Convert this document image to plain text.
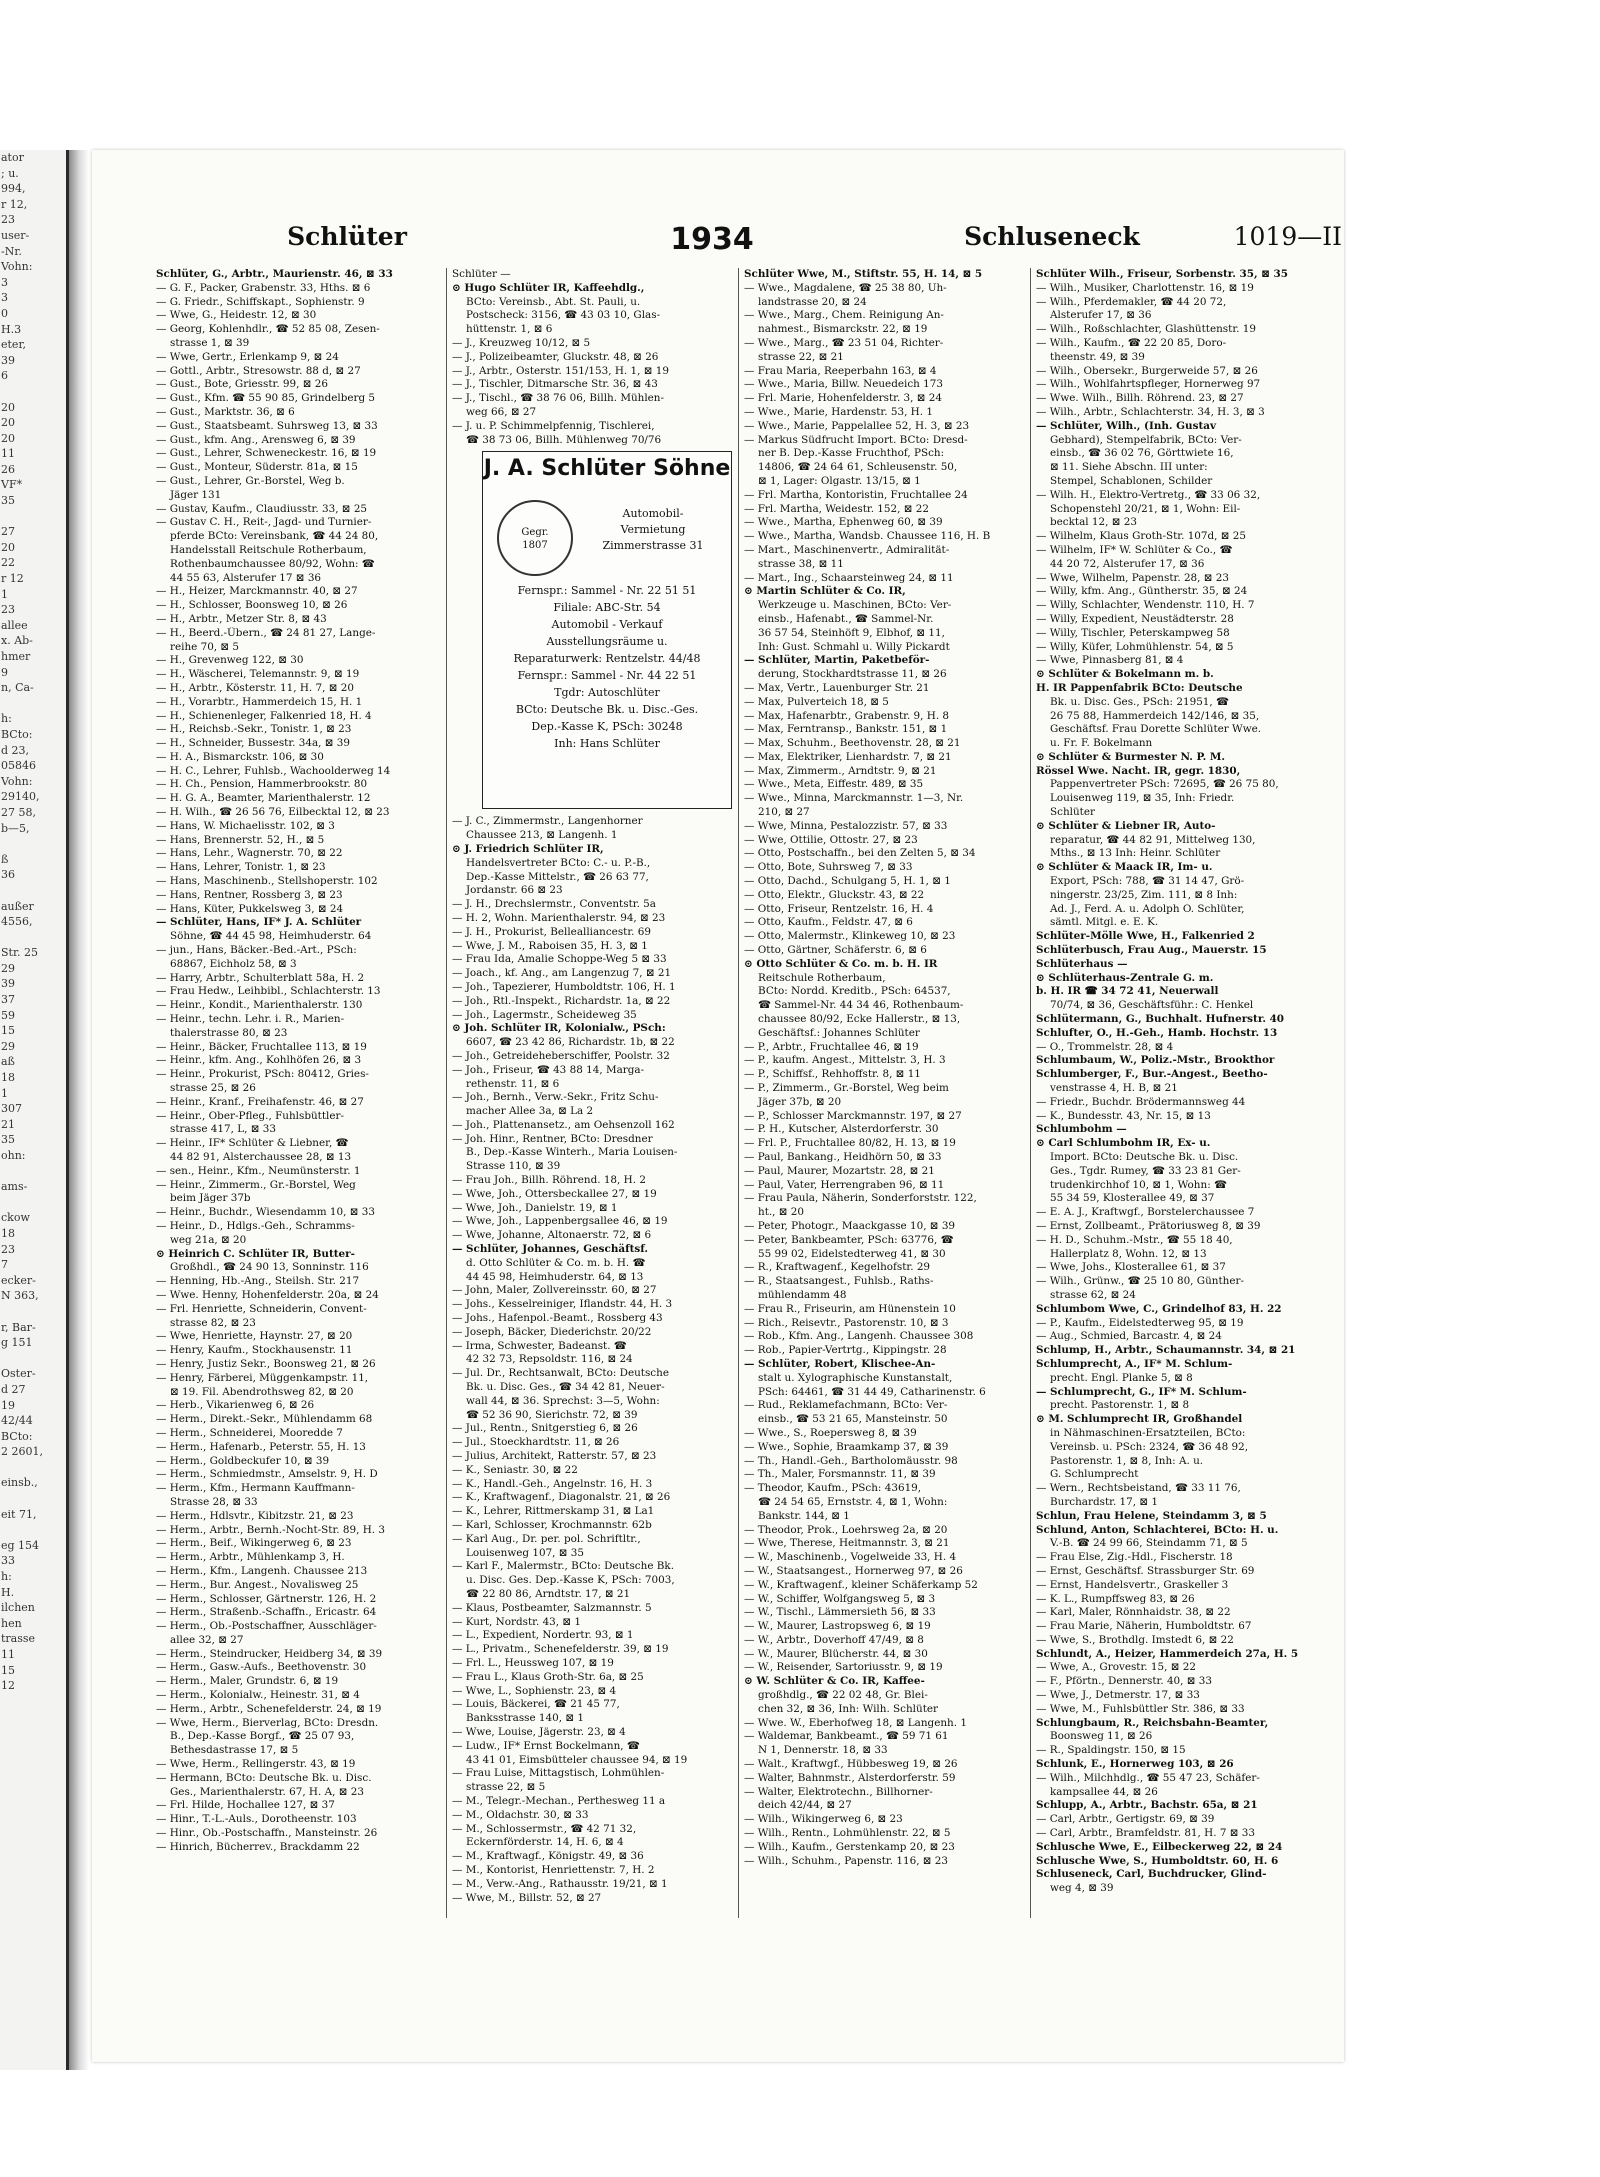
ator
; u.
994,
r 12,
23
user-
-Nr.
Vohn:
3
3
0
H.3
eter,
39
6

20
20
20
11
26
VF*
35

27
20
22
r 12
1
23
allee
x. Ab-
hmer
9
n, Ca-

h:
BCto:
d 23,
05846
Vohn:
29140,
27 58,
b—5,

ß
36

außer
4556,

Str. 25
29
39
37
59
15
29
aß
18
1
307
21
35
ohn:

ams-

ckow
18
23
7
ecker-
N 363,

r, Bar-
g 151

Oster-
d 27
19
42/44
BCto:
2 2601,

einsb.,

eit 71,

eg 154
33
h:
H.
ilchen
hen
trasse
11
15
12
Schlüter	1934	Schluseneck	1019—II
Schlüter, G., Arbtr., Maurienstr. 46, ⊠ 33
— G. F., Packer, Grabenstr. 33, Hths. ⊠ 6
— G. Friedr., Schiffskapt., Sophienstr. 9
— Wwe, G., Heidestr. 12, ⊠ 30
— Georg, Kohlenhdlr., ☎ 52 85 08, Zesen-
strasse 1, ⊠ 39
— Wwe, Gertr., Erlenkamp 9, ⊠ 24
— Gottl., Arbtr., Stresowstr. 88 d, ⊠ 27
— Gust., Bote, Griesstr. 99, ⊠ 26
— Gust., Kfm. ☎ 55 90 85, Grindelberg 5
— Gust., Marktstr. 36, ⊠ 6
— Gust., Staatsbeamt. Suhrsweg 13, ⊠ 33
— Gust., kfm. Ang., Arensweg 6, ⊠ 39
— Gust., Lehrer, Schweneckestr. 16, ⊠ 19
— Gust., Monteur, Süderstr. 81a, ⊠ 15
— Gust., Lehrer, Gr.-Borstel, Weg b.
Jäger 131
— Gustav, Kaufm., Claudiusstr. 33, ⊠ 25
— Gustav C. H., Reit-, Jagd- und Turnier-
pferde BCto: Vereinsbank, ☎ 44 24 80,
Handelsstall Reitschule Rotherbaum,
Rothenbaumchaussee 80/92, Wohn: ☎
44 55 63, Alsterufer 17 ⊠ 36
— H., Heizer, Marckmannstr. 40, ⊠ 27
— H., Schlosser, Boonsweg 10, ⊠ 26
— H., Arbtr., Metzer Str. 8, ⊠ 43
— H., Beerd.-Übern., ☎ 24 81 27, Lange-
reihe 70, ⊠ 5
— H., Grevenweg 122, ⊠ 30
— H., Wäscherei, Telemannstr. 9, ⊠ 19
— H., Arbtr., Kösterstr. 11, H. 7, ⊠ 20
— H., Vorarbtr., Hammerdeich 15, H. 1
— H., Schienenleger, Falkenried 18, H. 4
— H., Reichsb.-Sekr., Tonistr. 1, ⊠ 23
— H., Schneider, Bussestr. 34a, ⊠ 39
— H. A., Bismarckstr. 106, ⊠ 30
— H. C., Lehrer, Fuhlsb., Wachoolderweg 14
— H. Ch., Pension, Hammerbrookstr. 80
— H. G. A., Beamter, Marienthalerstr. 12
— H. Wilh., ☎ 26 56 76, Eilbecktal 12, ⊠ 23
— Hans, W. Michaelisstr. 102, ⊠ 3
— Hans, Brennerstr. 52, H., ⊠ 5
— Hans, Lehr., Wagnerstr. 70, ⊠ 22
— Hans, Lehrer, Tonistr. 1, ⊠ 23
— Hans, Maschinenb., Stellshoperstr. 102
— Hans, Rentner, Rossberg 3, ⊠ 23
— Hans, Küter, Pukkelsweg 3, ⊠ 24
— Schlüter, Hans, IF* J. A. Schlüter
Söhne, ☎ 44 45 98, Heimhuderstr. 64
— jun., Hans, Bäcker.-Bed.-Art., PSch:
68867, Eichholz 58, ⊠ 3
— Harry, Arbtr., Schulterblatt 58a, H. 2
— Frau Hedw., Leihbibl., Schlachterstr. 13
— Heinr., Kondit., Marienthalerstr. 130
— Heinr., techn. Lehr. i. R., Marien-
thalerstrasse 80, ⊠ 23
— Heinr., Bäcker, Fruchtallee 113, ⊠ 19
— Heinr., kfm. Ang., Kohlhöfen 26, ⊠ 3
— Heinr., Prokurist, PSch: 80412, Gries-
strasse 25, ⊠ 26
— Heinr., Kranf., Freihafenstr. 46, ⊠ 27
— Heinr., Ober-Pfleg., Fuhlsbüttler-
strasse 417, L, ⊠ 33
— Heinr., IF* Schlüter & Liebner, ☎
44 82 91, Alsterchaussee 28, ⊠ 13
— sen., Heinr., Kfm., Neumünsterstr. 1
— Heinr., Zimmerm., Gr.-Borstel, Weg
beim Jäger 37b
— Heinr., Buchdr., Wiesendamm 10, ⊠ 33
— Heinr., D., Hdlgs.-Geh., Schramms-
weg 21a, ⊠ 20
⊙ Heinrich C. Schlüter IR, Butter-
Großhdl., ☎ 24 90 13, Sonninstr. 116
— Henning, Hb.-Ang., Steilsh. Str. 217
— Wwe. Henny, Hohenfelderstr. 20a, ⊠ 24
— Frl. Henriette, Schneiderin, Convent-
strasse 82, ⊠ 23
— Wwe, Henriette, Haynstr. 27, ⊠ 20
— Henry, Kaufm., Stockhausenstr. 11
— Henry, Justiz Sekr., Boonsweg 21, ⊠ 26
— Henry, Färberei, Müggenkampstr. 11,
⊠ 19. Fil. Abendrothsweg 82, ⊠ 20
— Herb., Vikarienweg 6, ⊠ 26
— Herm., Direkt.-Sekr., Mühlendamm 68
— Herm., Schneiderei, Mooredde 7
— Herm., Hafenarb., Peterstr. 55, H. 13
— Herm., Goldbeckufer 10, ⊠ 39
— Herm., Schmiedmstr., Amselstr. 9, H. D
— Herm., Kfm., Hermann Kauffmann-
Strasse 28, ⊠ 33
— Herm., Hdlsvtr., Kibitzstr. 21, ⊠ 23
— Herm., Arbtr., Bernh.-Nocht-Str. 89, H. 3
— Herm., Beif., Wikingerweg 6, ⊠ 23
— Herm., Arbtr., Mühlenkamp 3, H.
— Herm., Kfm., Langenh. Chaussee 213
— Herm., Bur. Angest., Novalisweg 25
— Herm., Schlosser, Gärtnerstr. 126, H. 2
— Herm., Straßenb.-Schaffn., Ericastr. 64
— Herm., Ob.-Postschaffner, Ausschläger-
allee 32, ⊠ 27
— Herm., Steindrucker, Heidberg 34, ⊠ 39
— Herm., Gasw.-Aufs., Beethovenstr. 30
— Herm., Maler, Grundstr. 6, ⊠ 19
— Herm., Kolonialw., Heinestr. 31, ⊠ 4
— Herm., Arbtr., Schenefelderstr. 24, ⊠ 19
— Wwe, Herm., Bierverlag, BCto: Dresdn.
B., Dep.-Kasse Borgf., ☎ 25 07 93,
Bethesdastrasse 17, ⊠ 5
— Wwe, Herm., Rellingerstr. 43, ⊠ 19
— Hermann, BCto: Deutsche Bk. u. Disc.
Ges., Marienthalerstr. 67, H. A, ⊠ 23
— Frl. Hilde, Hochallee 127, ⊠ 37
— Hinr., T.-L.-Auls., Dorotheenstr. 103
— Hinr., Ob.-Postschaffn., Mansteinstr. 26
— Hinrich, Bücherrev., Brackdamm 22
Schlüter —
⊙ Hugo Schlüter IR, Kaffeehdlg.,
BCto: Vereinsb., Abt. St. Pauli, u.
Postscheck: 3156, ☎ 43 03 10, Glas-
hüttenstr. 1, ⊠ 6
— J., Kreuzweg 10/12, ⊠ 5
— J., Polizeibeamter, Gluckstr. 48, ⊠ 26
— J., Arbtr., Osterstr. 151/153, H. 1, ⊠ 19
— J., Tischler, Ditmarsche Str. 36, ⊠ 43
— J., Tischl., ☎ 38 76 06, Billh. Mühlen-
weg 66, ⊠ 27
— J. u. P. Schimmelpfennig, Tischlerei,
☎ 38 73 06, Billh. Mühlenweg 70/76
J. A. Schlüter Söhne
Gegr.
1807
Automobil-
Vermietung
Zimmerstrasse 31
Fernspr.: Sammel - Nr. 22 51 51
Filiale: ABC-Str. 54
Automobil - Verkauf
Ausstellungsräume u.
Reparaturwerk: Rentzelstr. 44/48
Fernspr.: Sammel - Nr. 44 22 51
Tgdr: Autoschlüter
BCto: Deutsche Bk. u. Disc.-Ges.
Dep.-Kasse K, PSch: 30248
Inh: Hans Schlüter
— J. C., Zimmermstr., Langenhorner
Chaussee 213, ⊠ Langenh. 1
⊙ J. Friedrich Schlüter IR,
Handelsvertreter BCto: C.- u. P.-B.,
Dep.-Kasse Mittelstr., ☎ 26 63 77,
Jordanstr. 66 ⊠ 23
— J. H., Drechslermstr., Conventstr. 5a
— H. 2, Wohn. Marienthalerstr. 94, ⊠ 23
— J. H., Prokurist, Bellealliancestr. 69
— Wwe, J. M., Raboisen 35, H. 3, ⊠ 1
— Frau Ida, Amalie Schoppe-Weg 5 ⊠ 33
— Joach., kf. Ang., am Langenzug 7, ⊠ 21
— Joh., Tapezierer, Humboldtstr. 106, H. 1
— Joh., Rtl.-Inspekt., Richardstr. 1a, ⊠ 22
— Joh., Lagermstr., Scheideweg 35
⊙ Joh. Schlüter IR, Kolonialw., PSch:
6607, ☎ 23 42 86, Richardstr. 1b, ⊠ 22
— Joh., Getreideheberschiffer, Poolstr. 32
— Joh., Friseur, ☎ 43 88 14, Marga-
rethenstr. 11, ⊠ 6
— Joh., Bernh., Verw.-Sekr., Fritz Schu-
macher Allee 3a, ⊠ La 2
— Joh., Plattenansetz., am Oehsenzoll 162
— Joh. Hinr., Rentner, BCto: Dresdner
B., Dep.-Kasse Winterh., Maria Louisen-
Strasse 110, ⊠ 39
— Frau Joh., Billh. Röhrend. 18, H. 2
— Wwe, Joh., Ottersbeckallee 27, ⊠ 19
— Wwe, Joh., Danielstr. 19, ⊠ 1
— Wwe, Joh., Lappenbergsallee 46, ⊠ 19
— Wwe, Johanne, Altonaerstr. 72, ⊠ 6
— Schlüter, Johannes, Geschäftsf.
d. Otto Schlüter & Co. m. b. H. ☎
44 45 98, Heimhuderstr. 64, ⊠ 13
— John, Maler, Zollvereinsstr. 60, ⊠ 27
— Johs., Kesselreiniger, Iflandstr. 44, H. 3
— Johs., Hafenpol.-Beamt., Rossberg 43
— Joseph, Bäcker, Diederichstr. 20/22
— Irma, Schwester, Badeanst. ☎
42 32 73, Repsoldstr. 116, ⊠ 24
— Jul. Dr., Rechtsanwalt, BCto: Deutsche
Bk. u. Disc. Ges., ☎ 34 42 81, Neuer-
wall 44, ⊠ 36. Sprechst: 3—5, Wohn:
☎ 52 36 90, Sierichstr. 72, ⊠ 39
— Jul., Rentn., Snitgerstieg 6, ⊠ 26
— Jul., Stoeckhardtstr. 11, ⊠ 26
— Julius, Architekt, Ratterstr. 57, ⊠ 23
— K., Seniastr. 30, ⊠ 22
— K., Handl.-Geh., Angelnstr. 16, H. 3
— K., Kraftwagenf., Diagonalstr. 21, ⊠ 26
— K., Lehrer, Rittmerskamp 31, ⊠ La1
— Karl, Schlosser, Krochmannstr. 62b
— Karl Aug., Dr. per. pol. Schriftltr.,
Louisenweg 107, ⊠ 35
— Karl F., Malermstr., BCto: Deutsche Bk.
u. Disc. Ges. Dep.-Kasse K, PSch: 7003,
☎ 22 80 86, Arndtstr. 17, ⊠ 21
— Klaus, Postbeamter, Salzmannstr. 5
— Kurt, Nordstr. 43, ⊠ 1
— L., Expedient, Nordertr. 93, ⊠ 1
— L., Privatm., Schenefelderstr. 39, ⊠ 19
— Frl. L., Heussweg 107, ⊠ 19
— Frau L., Klaus Groth-Str. 6a, ⊠ 25
— Wwe, L., Sophienstr. 23, ⊠ 4
— Louis, Bäckerei, ☎ 21 45 77,
Banksstrasse 140, ⊠ 1
— Wwe, Louise, Jägerstr. 23, ⊠ 4
— Ludw., IF* Ernst Bockelmann, ☎
43 41 01, Eimsbütteler chaussee 94, ⊠ 19
— Frau Luise, Mittagstisch, Lohmühlen-
strasse 22, ⊠ 5
— M., Telegr.-Mechan., Perthesweg 11 a
— M., Oldachstr. 30, ⊠ 33
— M., Schlossermstr., ☎ 42 71 32,
Eckernförderstr. 14, H. 6, ⊠ 4
— M., Kraftwagf., Königstr. 49, ⊠ 36
— M., Kontorist, Henriettenstr. 7, H. 2
— M., Verw.-Ang., Rathausstr. 19/21, ⊠ 1
— Wwe, M., Billstr. 52, ⊠ 27
Schlüter Wwe, M., Stiftstr. 55, H. 14, ⊠ 5
— Wwe., Magdalene, ☎ 25 38 80, Uh-
landstrasse 20, ⊠ 24
— Wwe., Marg., Chem. Reinigung An-
nahmest., Bismarckstr. 22, ⊠ 19
— Wwe., Marg., ☎ 23 51 04, Richter-
strasse 22, ⊠ 21
— Frau Maria, Reeperbahn 163, ⊠ 4
— Wwe., Maria, Billw. Neuedeich 173
— Frl. Marie, Hohenfelderstr. 3, ⊠ 24
— Wwe., Marie, Hardenstr. 53, H. 1
— Wwe., Marie, Pappelallee 52, H. 3, ⊠ 23
— Markus Südfrucht Import. BCto: Dresd-
ner B. Dep.-Kasse Fruchthof, PSch:
14806, ☎ 24 64 61, Schleusenstr. 50,
⊠ 1, Lager: Olgastr. 13/15, ⊠ 1
— Frl. Martha, Kontoristin, Fruchtallee 24
— Frl. Martha, Weidestr. 152, ⊠ 22
— Wwe., Martha, Ephenweg 60, ⊠ 39
— Wwe., Martha, Wandsb. Chaussee 116, H. B
— Mart., Maschinenvertr., Admiralität-
strasse 38, ⊠ 11
— Mart., Ing., Schaarsteinweg 24, ⊠ 11
⊙ Martin Schlüter & Co. IR,
Werkzeuge u. Maschinen, BCto: Ver-
einsb., Hafenabt., ☎ Sammel-Nr.
36 57 54, Steinhöft 9, Elbhof, ⊠ 11,
Inh: Gust. Schmahl u. Willy Pickardt
— Schlüter, Martin, Paketbeför-
derung, Stockhardtstrasse 11, ⊠ 26
— Max, Vertr., Lauenburger Str. 21
— Max, Pulverteich 18, ⊠ 5
— Max, Hafenarbtr., Grabenstr. 9, H. 8
— Max, Ferntransp., Bankstr. 151, ⊠ 1
— Max, Schuhm., Beethovenstr. 28, ⊠ 21
— Max, Elektriker, Lienhardstr. 7, ⊠ 21
— Max, Zimmerm., Arndtstr. 9, ⊠ 21
— Wwe., Meta, Eiffestr. 489, ⊠ 35
— Wwe., Minna, Marckmannstr. 1—3, Nr.
210, ⊠ 27
— Wwe, Minna, Pestalozzistr. 57, ⊠ 33
— Wwe, Ottilie, Ottostr. 27, ⊠ 23
— Otto, Postschaffn., bei den Zelten 5, ⊠ 34
— Otto, Bote, Suhrsweg 7, ⊠ 33
— Otto, Dachd., Schulgang 5, H. 1, ⊠ 1
— Otto, Elektr., Gluckstr. 43, ⊠ 22
— Otto, Friseur, Rentzelstr. 16, H. 4
— Otto, Kaufm., Feldstr. 47, ⊠ 6
— Otto, Malermstr., Klinkeweg 10, ⊠ 23
— Otto, Gärtner, Schäferstr. 6, ⊠ 6
⊙ Otto Schlüter & Co. m. b. H. IR
Reitschule Rotherbaum,
BCto: Nordd. Kreditb., PSch: 64537,
☎ Sammel-Nr. 44 34 46, Rothenbaum-
chaussee 80/92, Ecke Hallerstr., ⊠ 13,
Geschäftsf.: Johannes Schlüter
— P., Arbtr., Fruchtallee 46, ⊠ 19
— P., kaufm. Angest., Mittelstr. 3, H. 3
— P., Schiffsf., Rehhoffstr. 8, ⊠ 11
— P., Zimmerm., Gr.-Borstel, Weg beim
Jäger 37b, ⊠ 20
— P., Schlosser Marckmannstr. 197, ⊠ 27
— P. H., Kutscher, Alsterdorferstr. 30
— Frl. P., Fruchtallee 80/82, H. 13, ⊠ 19
— Paul, Bankang., Heidhörn 50, ⊠ 33
— Paul, Maurer, Mozartstr. 28, ⊠ 21
— Paul, Vater, Herrengraben 96, ⊠ 11
— Frau Paula, Näherin, Sonderforststr. 122,
ht., ⊠ 20
— Peter, Photogr., Maackgasse 10, ⊠ 39
— Peter, Bankbeamter, PSch: 63776, ☎
55 99 02, Eidelstedterweg 41, ⊠ 30
— R., Kraftwagenf., Kegelhofstr. 29
— R., Staatsangest., Fuhlsb., Raths-
mühlendamm 48
— Frau R., Friseurin, am Hünenstein 10
— Rich., Reisevtr., Pastorenstr. 10, ⊠ 3
— Rob., Kfm. Ang., Langenh. Chaussee 308
— Rob., Papier-Vertrtg., Kippingstr. 28
— Schlüter, Robert, Klischee-An-
stalt u. Xylographische Kunstanstalt,
PSch: 64461, ☎ 31 44 49, Catharinenstr. 6
— Rud., Reklamefachmann, BCto: Ver-
einsb., ☎ 53 21 65, Mansteinstr. 50
— Wwe., S., Roepersweg 8, ⊠ 39
— Wwe., Sophie, Braamkamp 37, ⊠ 39
— Th., Handl.-Geh., Bartholomäusstr. 98
— Th., Maler, Forsmannstr. 11, ⊠ 39
— Theodor, Kaufm., PSch: 43619,
☎ 24 54 65, Ernststr. 4, ⊠ 1, Wohn:
Bankstr. 144, ⊠ 1
— Theodor, Prok., Loehrsweg 2a, ⊠ 20
— Wwe, Therese, Heitmannstr. 3, ⊠ 21
— W., Maschinenb., Vogelweide 33, H. 4
— W., Staatsangest., Hornerweg 97, ⊠ 26
— W., Kraftwagenf., kleiner Schäferkamp 52
— W., Schiffer, Wolfgangsweg 5, ⊠ 3
— W., Tischl., Lämmersieth 56, ⊠ 33
— W., Maurer, Lastropsweg 6, ⊠ 19
— W., Arbtr., Doverhoff 47/49, ⊠ 8
— W., Maurer, Blücherstr. 44, ⊠ 30
— W., Reisender, Sartoriusstr. 9, ⊠ 19
⊙ W. Schlüter & Co. IR, Kaffee-
großhdlg., ☎ 22 02 48, Gr. Blei-
chen 32, ⊠ 36, Inh: Wilh. Schlüter
— Wwe. W., Eberhofweg 18, ⊠ Langenh. 1
— Waldemar, Bankbeamt., ☎ 59 71 61
N 1, Dennerstr. 18, ⊠ 33
— Walt., Kraftwgf., Hübbesweg 19, ⊠ 26
— Walter, Bahnmstr., Alsterdorferstr. 59
— Walter, Elektrotechn., Billhorner-
deich 42/44, ⊠ 27
— Wilh., Wikingerweg 6, ⊠ 23
— Wilh., Rentn., Lohmühlenstr. 22, ⊠ 5
— Wilh., Kaufm., Gerstenkamp 20, ⊠ 23
— Wilh., Schuhm., Papenstr. 116, ⊠ 23
Schlüter Wilh., Friseur, Sorbenstr. 35, ⊠ 35
— Wilh., Musiker, Charlottenstr. 16, ⊠ 19
— Wilh., Pferdemakler, ☎ 44 20 72,
Alsterufer 17, ⊠ 36
— Wilh., Roßschlachter, Glashüttenstr. 19
— Wilh., Kaufm., ☎ 22 20 85, Doro-
theenstr. 49, ⊠ 39
— Wilh., Obersekr., Burgerweide 57, ⊠ 26
— Wilh., Wohlfahrtspfleger, Hornerweg 97
— Wwe. Wilh., Billh. Röhrend. 23, ⊠ 27
— Wilh., Arbtr., Schlachterstr. 34, H. 3, ⊠ 3
— Schlüter, Wilh., (Inh. Gustav
Gebhard), Stempelfabrik, BCto: Ver-
einsb., ☎ 36 02 76, Görttwiete 16,
⊠ 11. Siehe Abschn. III unter:
Stempel, Schablonen, Schilder
— Wilh. H., Elektro-Vertretg., ☎ 33 06 32,
Schopenstehl 20/21, ⊠ 1, Wohn: Eil-
becktal 12, ⊠ 23
— Wilhelm, Klaus Groth-Str. 107d, ⊠ 25
— Wilhelm, IF* W. Schlüter & Co., ☎
44 20 72, Alsterufer 17, ⊠ 36
— Wwe, Wilhelm, Papenstr. 28, ⊠ 23
— Willy, kfm. Ang., Güntherstr. 35, ⊠ 24
— Willy, Schlachter, Wendenstr. 110, H. 7
— Willy, Expedient, Neustädterstr. 28
— Willy, Tischler, Peterskampweg 58
— Willy, Küfer, Lohmühlenstr. 54, ⊠ 5
— Wwe, Pinnasberg 81, ⊠ 4
⊙ Schlüter & Bokelmann m. b.
H. IR Pappenfabrik BCto: Deutsche
Bk. u. Disc. Ges., PSch: 21951, ☎
26 75 88, Hammerdeich 142/146, ⊠ 35,
Geschäftsf. Frau Dorette Schlüter Wwe.
u. Fr. F. Bokelmann
⊙ Schlüter & Burmester N. P. M.
Rössel Wwe. Nacht. IR, gegr. 1830,
Pappenvertreter PSch: 72695, ☎ 26 75 80,
Louisenweg 119, ⊠ 35, Inh: Friedr.
Schlüter
⊙ Schlüter & Liebner IR, Auto-
reparatur, ☎ 44 82 91, Mittelweg 130,
Mths., ⊠ 13 Inh: Heinr. Schlüter
⊙ Schlüter & Maack IR, Im- u.
Export, PSch: 788, ☎ 31 14 47, Grö-
ningerstr. 23/25, Zim. 111, ⊠ 8 Inh:
Ad. J., Ferd. A. u. Adolph O. Schlüter,
sämtl. Mitgl. e. E. K.
Schlüter-Mölle Wwe, H., Falkenried 2
Schlüterbusch, Frau Aug., Mauerstr. 15
Schlüterhaus —
⊙ Schlüterhaus-Zentrale G. m.
b. H. IR ☎ 34 72 41, Neuerwall
70/74, ⊠ 36, Geschäftsführ.: C. Henkel
Schlütermann, G., Buchhalt. Hufnerstr. 40
Schlufter, O., H.-Geh., Hamb. Hochstr. 13
— O., Trommelstr. 28, ⊠ 4
Schlumbaum, W., Poliz.-Mstr., Brookthor
Schlumberger, F., Bur.-Angest., Beetho-
venstrasse 4, H. B, ⊠ 21
— Friedr., Buchdr. Brödermannsweg 44
— K., Bundesstr. 43, Nr. 15, ⊠ 13
Schlumbohm —
⊙ Carl Schlumbohm IR, Ex- u.
Import. BCto: Deutsche Bk. u. Disc.
Ges., Tgdr. Rumey, ☎ 33 23 81 Ger-
trudenkirchhof 10, ⊠ 1, Wohn: ☎
55 34 59, Klosterallee 49, ⊠ 37
— E. A. J., Kraftwgf., Borstelerchaussee 7
— Ernst, Zollbeamt., Prätoriusweg 8, ⊠ 39
— H. D., Schuhm.-Mstr., ☎ 55 18 40,
Hallerplatz 8, Wohn. 12, ⊠ 13
— Wwe, Johs., Klosterallee 61, ⊠ 37
— Wilh., Grünw., ☎ 25 10 80, Günther-
strasse 62, ⊠ 24
Schlumbom Wwe, C., Grindelhof 83, H. 22
— P., Kaufm., Eidelstedterweg 95, ⊠ 19
— Aug., Schmied, Barcastr. 4, ⊠ 24
Schlump, H., Arbtr., Schaumannstr. 34, ⊠ 21
Schlumprecht, A., IF* M. Schlum-
precht. Engl. Planke 5, ⊠ 8
— Schlumprecht, G., IF* M. Schlum-
precht. Pastorenstr. 1, ⊠ 8
⊙ M. Schlumprecht IR, Großhandel
in Nähmaschinen-Ersatzteilen, BCto:
Vereinsb. u. PSch: 2324, ☎ 36 48 92,
Pastorenstr. 1, ⊠ 8, Inh: A. u.
G. Schlumprecht
— Wern., Rechtsbeistand, ☎ 33 11 76,
Burchardstr. 17, ⊠ 1
Schlun, Frau Helene, Steindamm 3, ⊠ 5
Schlund, Anton, Schlachterei, BCto: H. u.
V.-B. ☎ 24 99 66, Steindamm 71, ⊠ 5
— Frau Else, Zig.-Hdl., Fischerstr. 18
— Ernst, Geschäftsf. Strassburger Str. 69
— Ernst, Handelsvertr., Graskeller 3
— K. L., Rumpffsweg 83, ⊠ 26
— Karl, Maler, Rönnhaidstr. 38, ⊠ 22
— Frau Marie, Näherin, Humboldtstr. 67
— Wwe, S., Brothdlg. Imstedt 6, ⊠ 22
Schlundt, A., Heizer, Hammerdeich 27a, H. 5
— Wwe, A., Grovestr. 15, ⊠ 22
— F., Pförtn., Dennerstr. 40, ⊠ 33
— Wwe, J., Detmerstr. 17, ⊠ 33
— Wwe, M., Fuhlsbüttler Str. 386, ⊠ 33
Schlungbaum, R., Reichsbahn-Beamter,
Boonsweg 11, ⊠ 26
— R., Spaldingstr. 150, ⊠ 15
Schlunk, E., Hornerweg 103, ⊠ 26
— Wilh., Milchhdlg., ☎ 55 47 23, Schäfer-
kampsallee 44, ⊠ 26
Schlupp, A., Arbtr., Bachstr. 65a, ⊠ 21
— Carl, Arbtr., Gertigstr. 69, ⊠ 39
— Carl, Arbtr., Bramfeldstr. 81, H. 7 ⊠ 33
Schlusche Wwe, E., Eilbeckerweg 22, ⊠ 24
Schlusche Wwe, S., Humboldtstr. 60, H. 6
Schluseneck, Carl, Buchdrucker, Glind-
weg 4, ⊠ 39
